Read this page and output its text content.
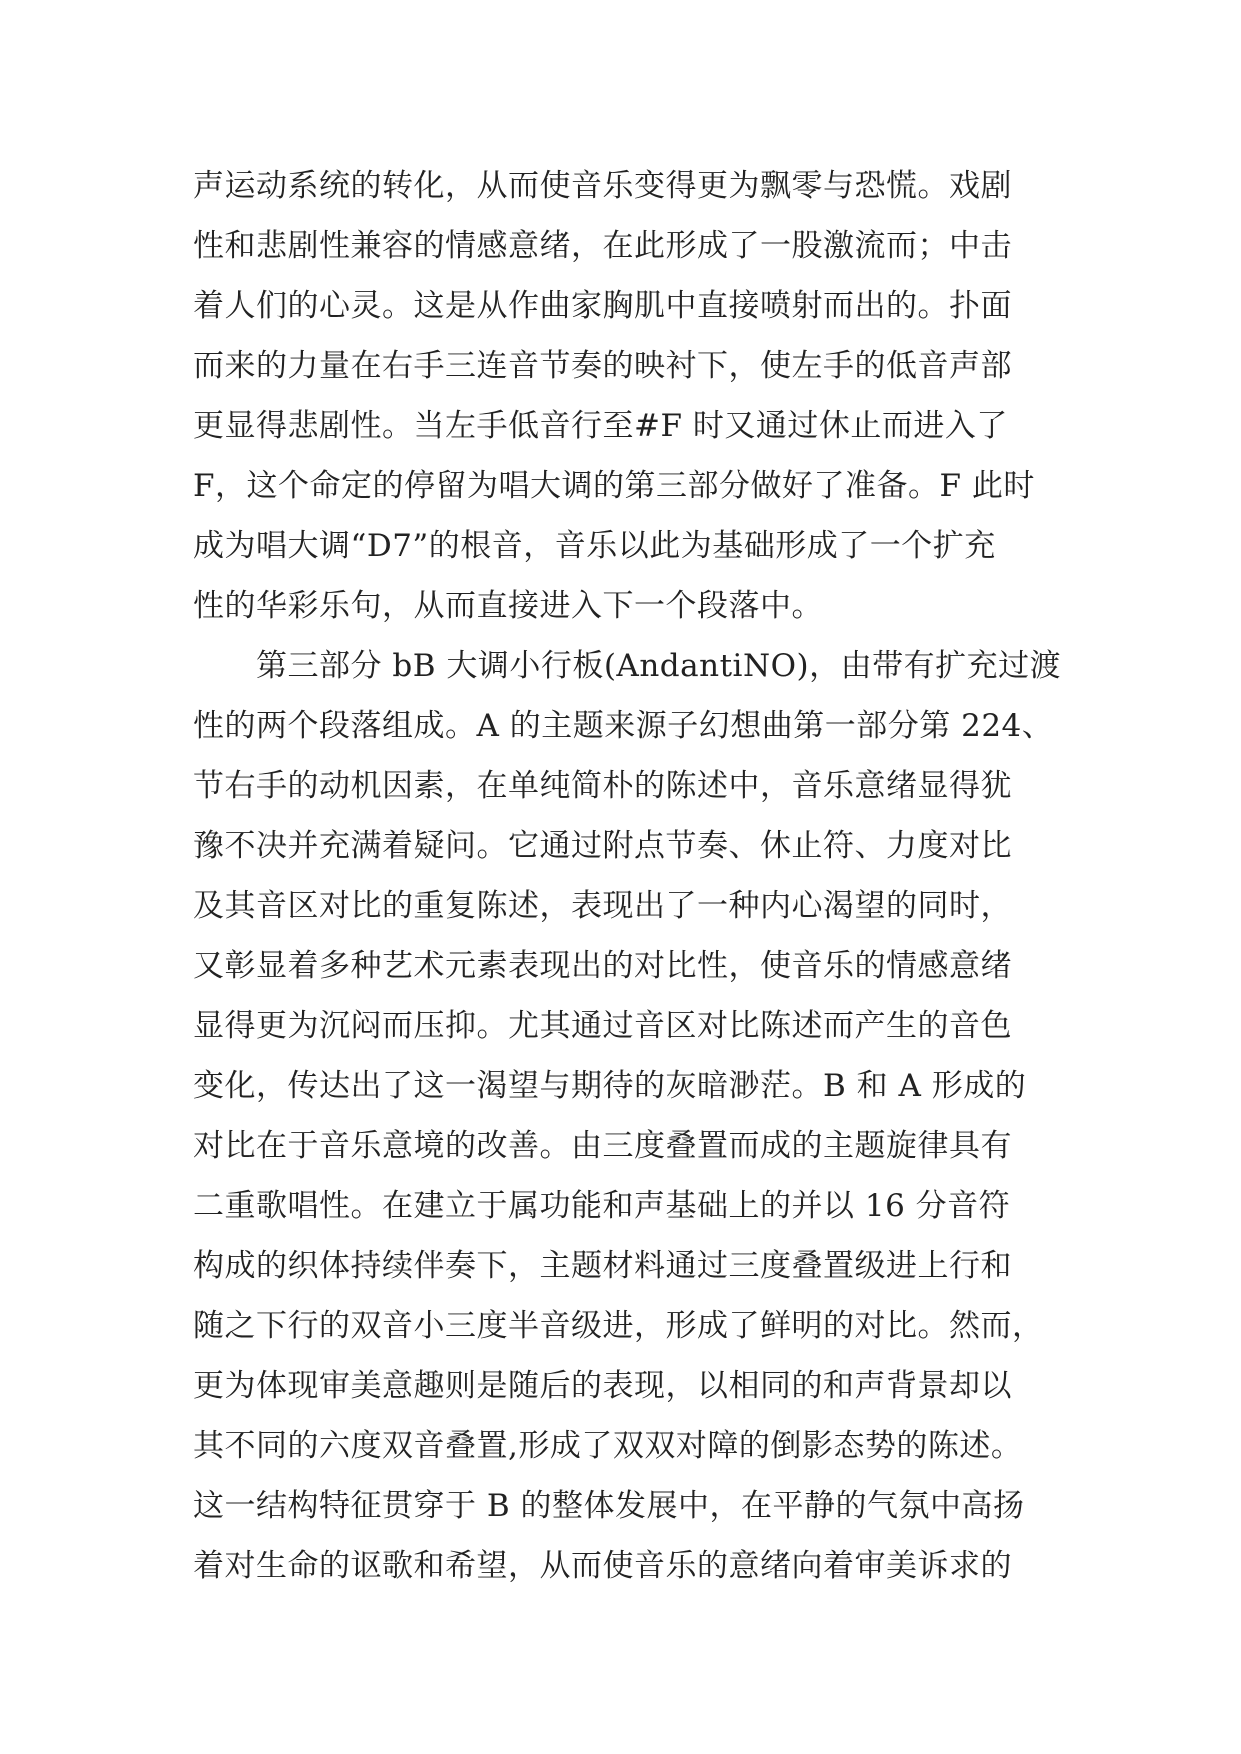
声运动系统的转化，从而使音乐变得更为飘零与恐慌。戏剧
性和悲剧性兼容的情感意绪，在此形成了一股激流而；中击
着人们的心灵。这是从作曲家胸肌中直接喷射而出的。扑面
而来的力量在右手三连音节奏的映衬下，使左手的低音声部
更显得悲剧性。当左手低音行至#F 时又通过休止而进入了
F，这个命定的停留为唱大调的第三部分做好了准备。F 此时
成为唱大调“D7”的根音，音乐以此为基础形成了一个扩充
性的华彩乐句，从而直接进入下一个段落中。
　　第三部分 bB 大调小行板(AndantiNO)，由带有扩充过渡
性的两个段落组成。A 的主题来源子幻想曲第一部分第 224、
节右手的动机因素，在单纯简朴的陈述中，音乐意绪显得犹
豫不决并充满着疑问。它通过附点节奏、休止符、力度对比
及其音区对比的重复陈述，表现出了一种内心渴望的同时，
又彰显着多种艺术元素表现出的对比性，使音乐的情感意绪
显得更为沉闷而压抑。尤其通过音区对比陈述而产生的音色
变化，传达出了这一渴望与期待的灰暗渺茫。B 和 A 形成的
对比在于音乐意境的改善。由三度叠置而成的主题旋律具有
二重歌唱性。在建立于属功能和声基础上的并以 16 分音符
构成的织体持续伴奏下，主题材料通过三度叠置级进上行和
随之下行的双音小三度半音级进，形成了鲜明的对比。然而，
更为体现审美意趣则是随后的表现，以相同的和声背景却以
其不同的六度双音叠置,形成了双双对障的倒影态势的陈述。
这一结构特征贯穿于 B 的整体发展中，在平静的气氛中高扬
着对生命的讴歌和希望，从而使音乐的意绪向着审美诉求的
